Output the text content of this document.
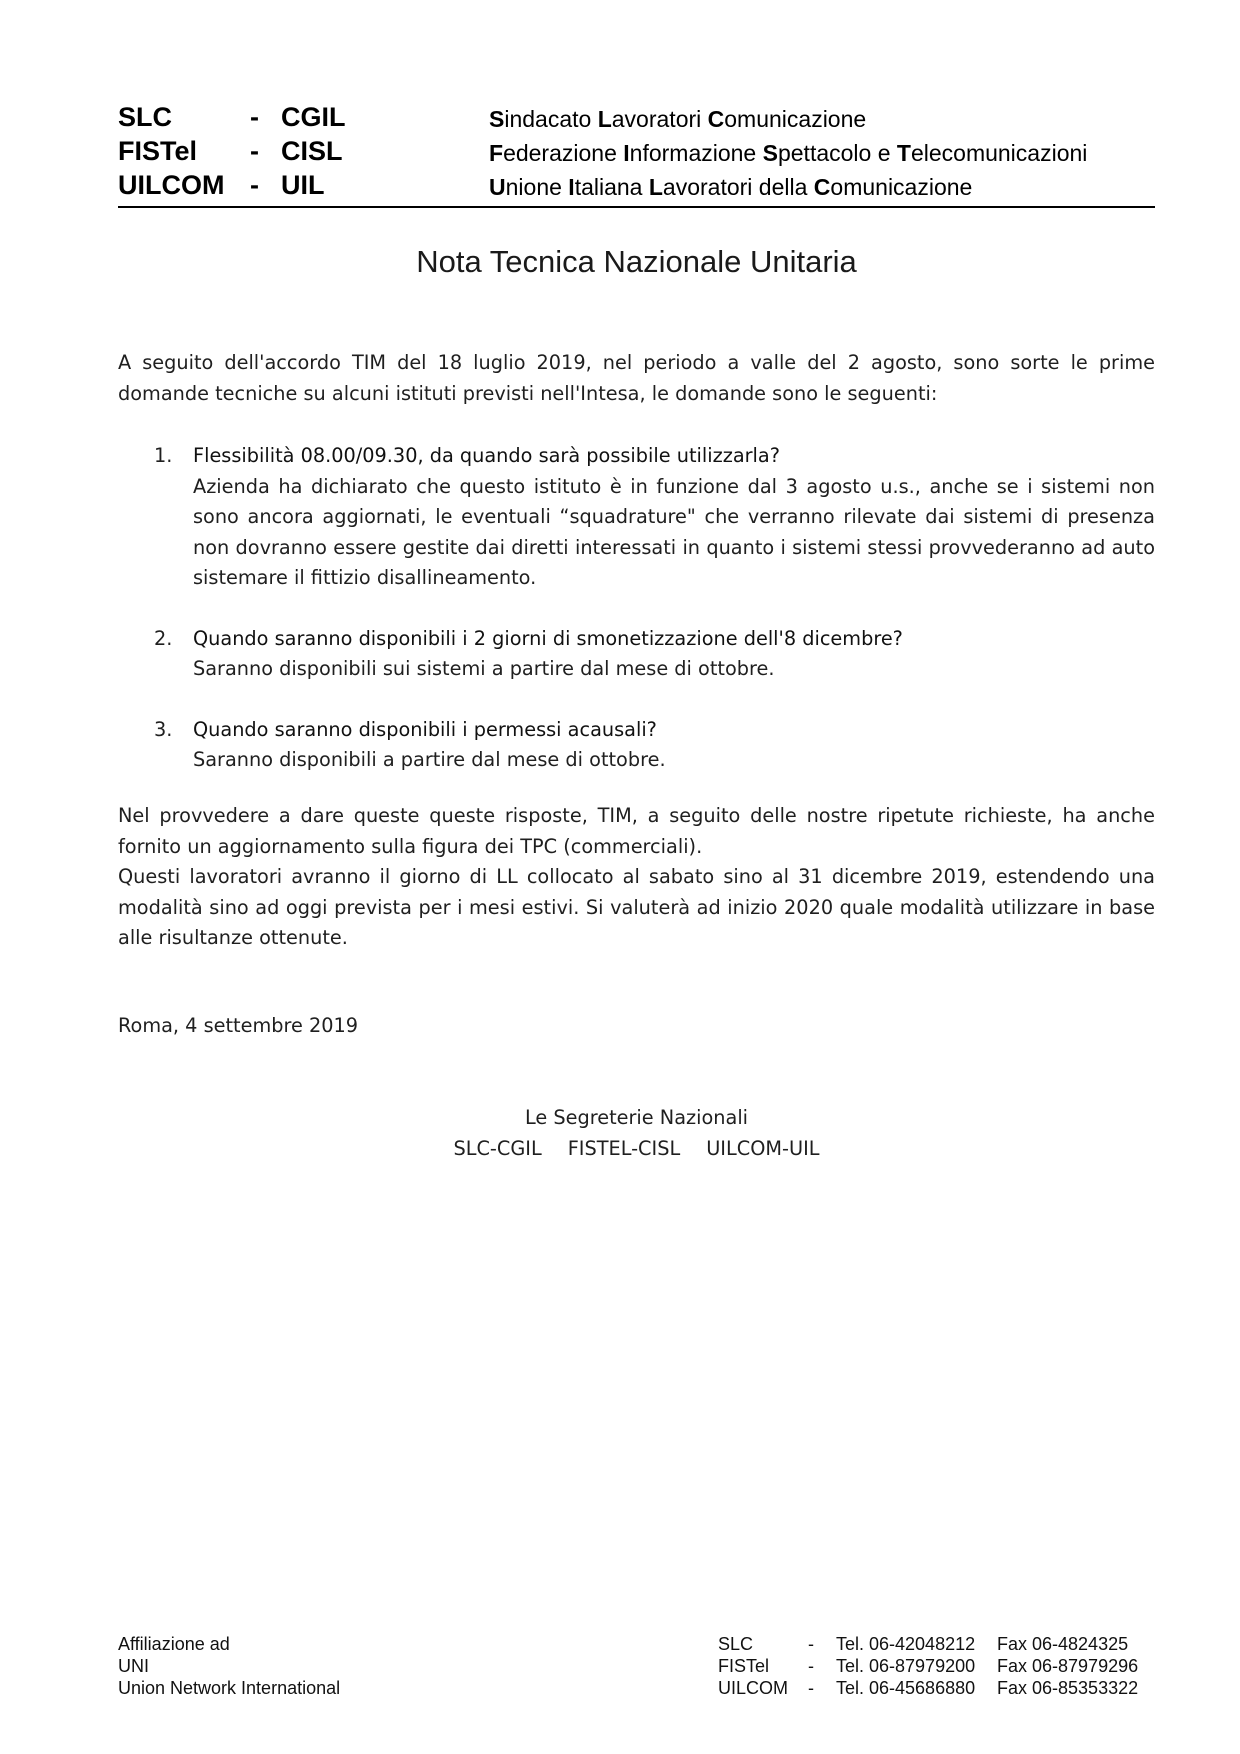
SLC	- CGIL	Sindacato Lavoratori Comunicazione
FISTel - CISL	Federazione Informazione Spettacolo e Telecomunicazioni
UILCOM - UIL	Unione Italiana Lavoratori della Comunicazione
Nota Tecnica Nazionale Unitaria

A seguito dell'accordo TIM del 18 luglio 2019, nel periodo a valle del 2 agosto, sono sorte le prime domande tecniche su alcuni istituti previsti nell'Intesa, le domande sono le seguenti:

1. Flessibilità 08.00/09.30, da quando sarà possibile utilizzarla?

Azienda ha dichiarato che questo istituto è in funzione dal 3 agosto u.s., anche se i sistemi non sono ancora aggiornati, le eventuali “squadrature" che verranno rilevate dai sistemi di presenza non dovranno essere gestite dai diretti interessati in quanto i sistemi stessi provvederanno ad auto sistemare il fittizio disallineamento.

2. Quando saranno disponibili i 2 giorni di smonetizzazione dell'8 dicembre?

Saranno disponibili sui sistemi a partire dal mese di ottobre.

3. Quando saranno disponibili i permessi acausali?

Saranno disponibili a partire dal mese di ottobre.

Nel provvedere a dare queste queste risposte, TIM, a seguito delle nostre ripetute richieste, ha anche fornito un aggiornamento sulla figura dei TPC (commerciali).
Questi lavoratori avranno il giorno di LL collocato al sabato sino al 31 dicembre 2019, estendendo una modalità sino ad oggi prevista per i mesi estivi. Si valuterà ad inizio 2020 quale modalità utilizzare in base alle risultanze ottenute.

Roma, 4 settembre 2019

Le Segreterie Nazionali
SLC-CGIL FISTEL-CISL UILCOM-UIL
Affiliazione ad
UNI
Union Network International
SLC	- Tel. 06-42048212 Fax 06-4824325
FISTel - Tel. 06-87979200 Fax 06-87979296
UILCOM - Tel. 06-45686880 Fax 06-85353322
